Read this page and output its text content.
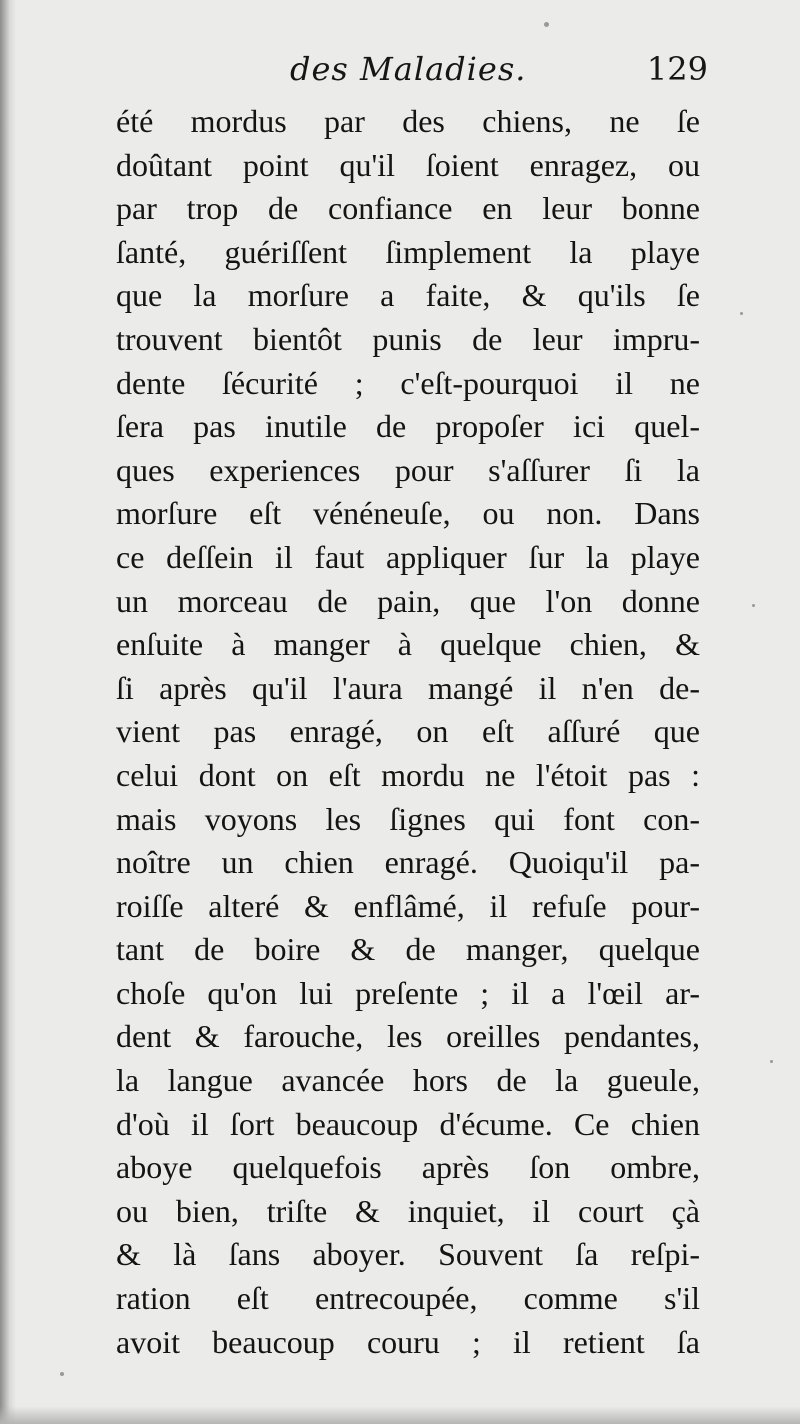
des Maladies.	129
été mordus par des chiens, ne ſe
doûtant point qu'il ſoient enragez, ou
par trop de confiance en leur bonne
ſanté, guériſſent ſimplement la playe
que la morſure a faite, & qu'ils ſe
trouvent bientôt punis de leur impru-
dente ſécurité ; c'eſt-pourquoi il ne
ſera pas inutile de propoſer ici quel-
ques experiences pour s'aſſurer ſi la
morſure eſt vénéneuſe, ou non. Dans
ce deſſein il faut appliquer ſur la playe
un morceau de pain, que l'on donne
enſuite à manger à quelque chien, &
ſi après qu'il l'aura mangé il n'en de-
vient pas enragé, on eſt aſſuré que
celui dont on eſt mordu ne l'étoit pas :
mais voyons les ſignes qui font con-
noître un chien enragé. Quoiqu'il pa-
roiſſe alteré & enflâmé, il refuſe pour-
tant de boire & de manger, quelque
choſe qu'on lui preſente ; il a l'œil ar-
dent & farouche, les oreilles pendantes,
la langue avancée hors de la gueule,
d'où il ſort beaucoup d'écume. Ce chien
aboye quelquefois après ſon ombre,
ou bien, triſte & inquiet, il court çà
& là ſans aboyer. Souvent ſa reſpi-
ration eſt entrecoupée, comme s'il
avoit beaucoup couru ; il retient ſa
